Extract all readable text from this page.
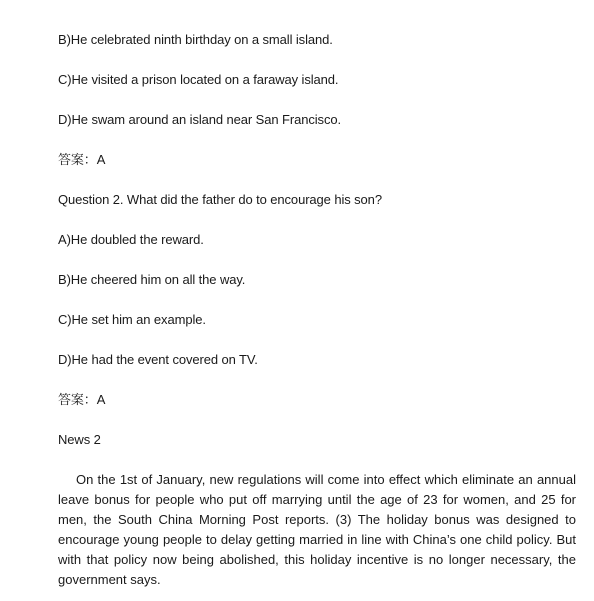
B)He celebrated ninth birthday on a small island.
C)He visited a prison located on a faraway island.
D)He swam around an island near San Francisco.
答案：A
Question 2. What did the father do to encourage his son?
A)He doubled the reward.
B)He cheered him on all the way.
C)He set him an example.
D)He had the event covered on TV.
答案：A
News 2
On the 1st of January, new regulations will come into effect which eliminate an annual leave bonus for people who put off marrying until the age of 23 for women, and 25 for men, the South China Morning Post reports. (3) The holiday bonus was designed to encourage young people to delay getting married in line with China’s one child policy. But with that policy now being abolished, this holiday incentive is no longer necessary, the government says.
